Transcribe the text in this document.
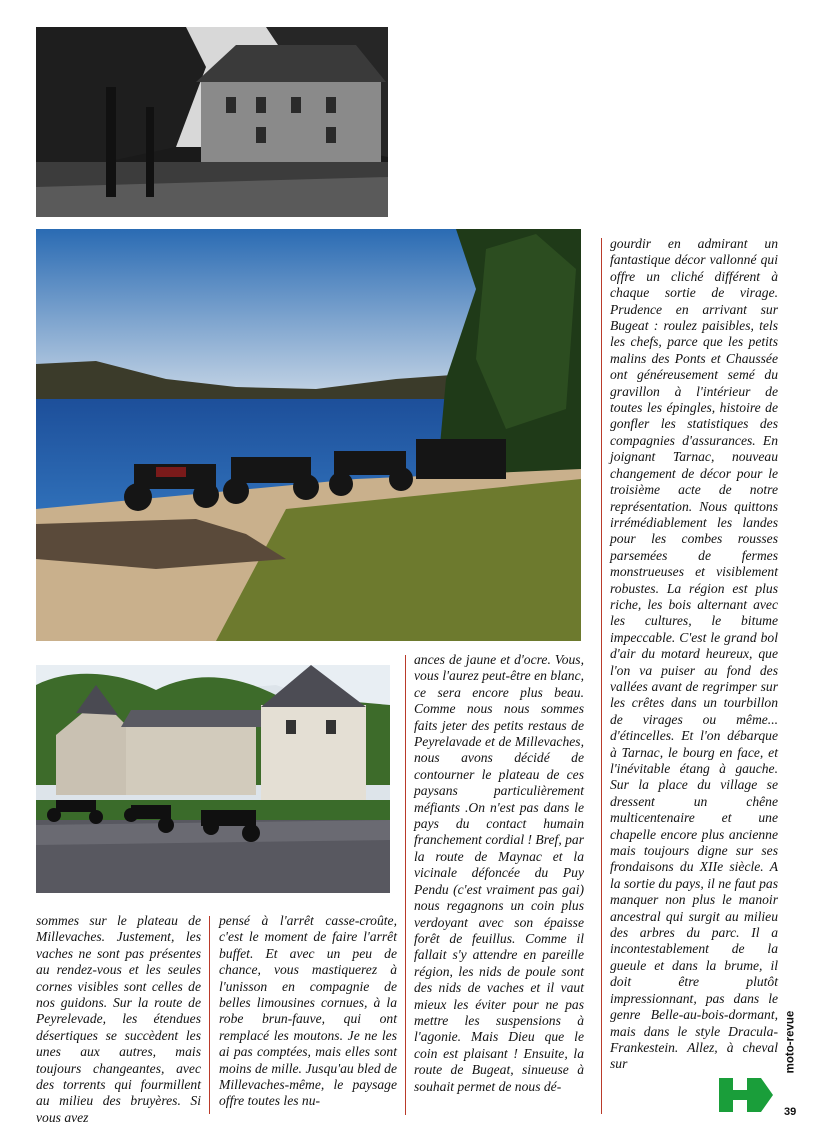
sommes sur le plateau de Millevaches. Justement, les vaches ne sont pas présentes au rendez-vous et les seules cornes visibles sont celles de nos guidons. Sur la route de Peyrelevade, les étendues désertiques se succèdent les unes aux autres, mais toujours changeantes, avec des torrents qui fourmillent au milieu des bruyères. Si vous avez

pensé à l'arrêt casse-croûte, c'est le moment de faire l'arrêt buffet. Et avec un peu de chance, vous mastiquerez à l'unisson en compagnie de belles limousines cornues, à la robe brun-fauve, qui ont remplacé les moutons. Je ne les ai pas comptées, mais elles sont moins de mille. Jusqu'au bled de Millevaches-même, le paysage offre toutes les nu-

ances de jaune et d'ocre. Vous, vous l'aurez peut-être en blanc, ce sera encore plus beau. Comme nous nous sommes faits jeter des petits restaus de Peyrelavade et de Millevaches, nous avons décidé de contourner le plateau de ces paysans particulièrement méfiants .On n'est pas dans le pays du contact humain franchement cordial ! Bref, par la route de Maynac et la vicinale défoncée du Puy Pendu (c'est vraiment pas gai) nous regagnons un coin plus verdoyant avec son épaisse forêt de feuillus. Comme il fallait s'y attendre en pareille région, les nids de poule sont des nids de vaches et il vaut mieux les éviter pour ne pas mettre les suspensions à l'agonie. Mais Dieu que le coin est plaisant ! Ensuite, la route de Bugeat, sinueuse à souhait permet de nous dé-

gourdir en admirant un fantastique décor vallonné qui offre un cliché différent à chaque sortie de virage. Prudence en arrivant sur Bugeat : roulez paisibles, tels les chefs, parce que les petits malins des Ponts et Chaussée ont généreusement semé du gravillon à l'intérieur de toutes les épingles, histoire de gonfler les statistiques des compagnies d'assurances. En joignant Tarnac, nouveau changement de décor pour le troisième acte de notre représentation. Nous quittons irrémédiablement les landes pour les combes rousses parsemées de fermes monstrueuses et visiblement robustes. La région est plus riche, les bois alternant avec les cultures, le bitume impeccable. C'est le grand bol d'air du motard heureux, que l'on va puiser au fond des vallées avant de regrimper sur les crêtes dans un tourbillon de virages ou même... d'étincelles. Et l'on débarque à Tarnac, le bourg en face, et l'inévitable étang à gauche. Sur la place du village se dressent un chêne multicentenaire et une chapelle encore plus ancienne mais toujours digne sur ses frondaisons du XIIe siècle. A la sortie du pays, il ne faut pas manquer non plus le manoir ancestral qui surgit au milieu des arbres du parc. Il a incontestablement de la gueule et dans la brume, il doit être plutôt impressionnant, pas dans le genre Belle-au-bois-dormant, mais dans le style Dracula-Frankestein. Allez, à cheval sur	moto-revue
39
